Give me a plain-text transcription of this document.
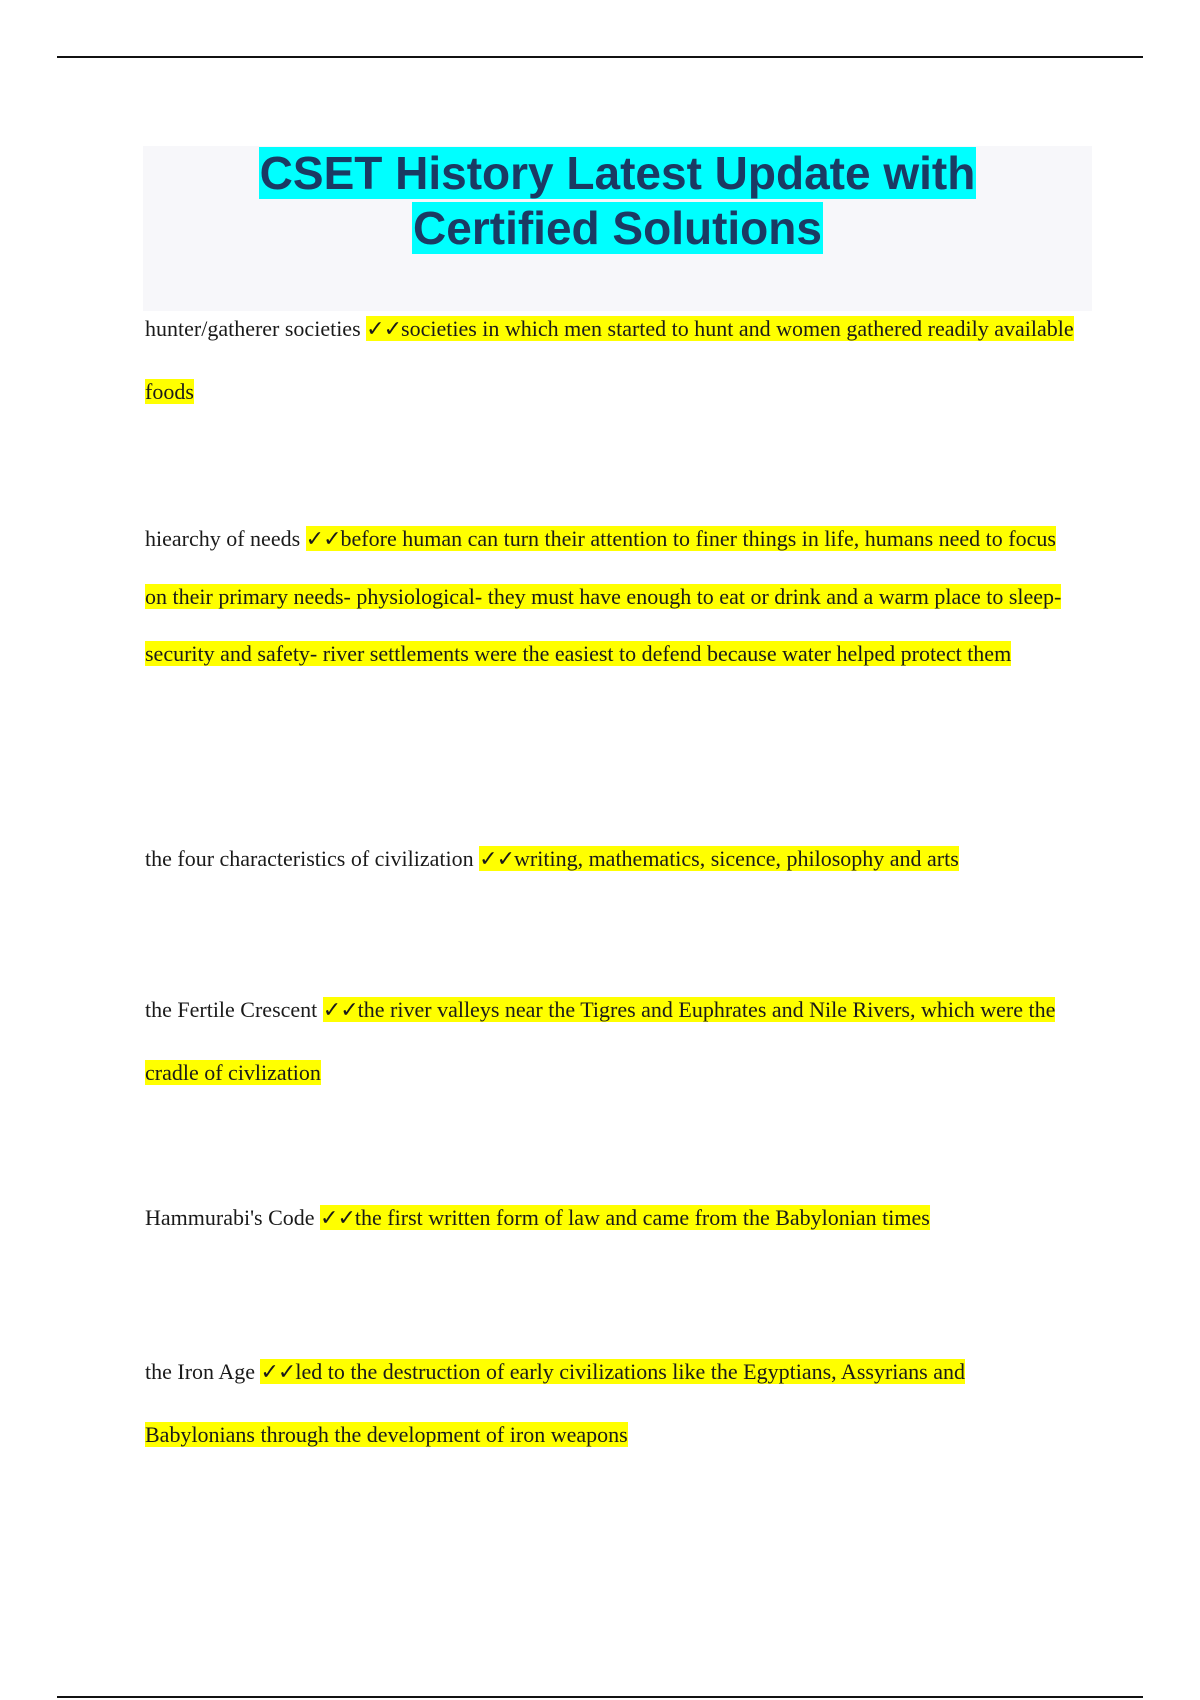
CSET History Latest Update with
Certified Solutions

hunter/gatherer societies ✓✓societies in which men started to hunt and women gathered readily available foods

hiearchy of needs ✓✓before human can turn their attention to finer things in life, humans need to focus on their primary needs- physiological- they must have enough to eat or drink and a warm place to sleep- security and safety- river settlements were the easiest to defend because water helped protect them

the four characteristics of civilization ✓✓writing, mathematics, sicence, philosophy and arts

the Fertile Crescent ✓✓the river valleys near the Tigres and Euphrates and Nile Rivers, which were the cradle of civlization

Hammurabi's Code ✓✓the first written form of law and came from the Babylonian times

the Iron Age ✓✓led to the destruction of early civilizations like the Egyptians, Assyrians and Babylonians through the development of iron weapons
